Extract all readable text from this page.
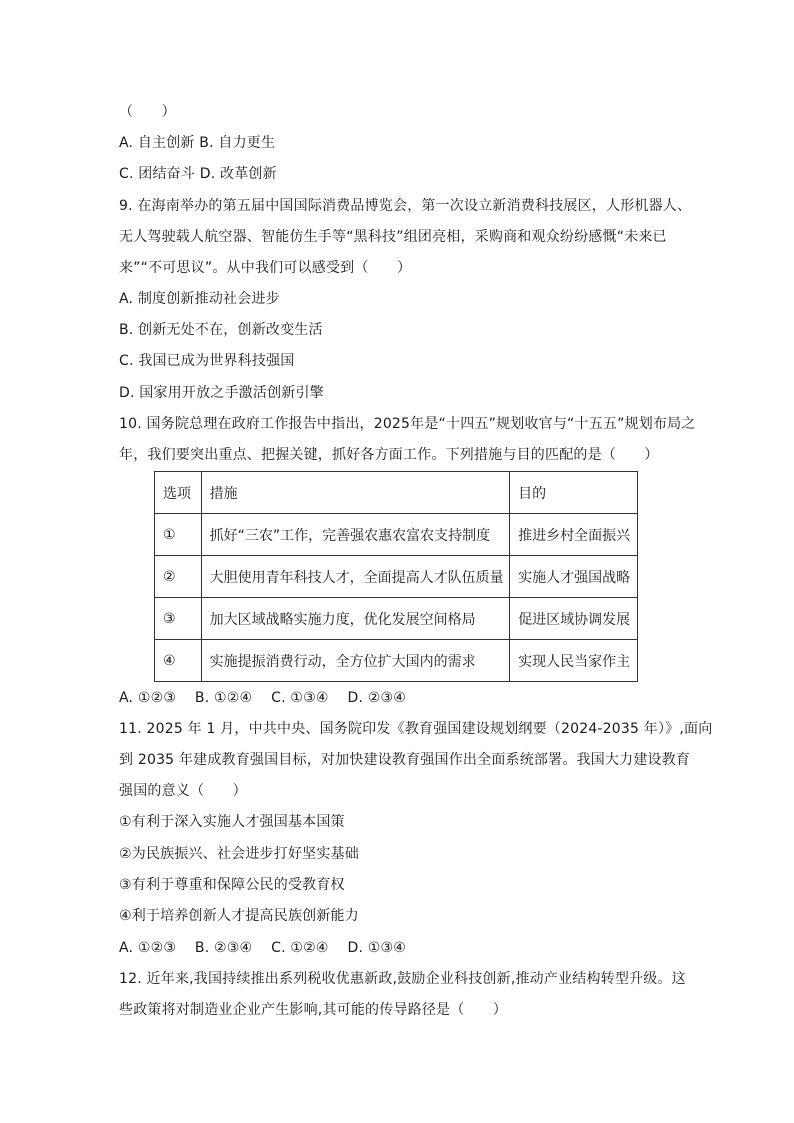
（　　）
A. 自主创新 B. 自力更生
C. 团结奋斗 D. 改革创新
9. 在海南举办的第五届中国国际消费品博览会，第一次设立新消费科技展区，人形机器人、
无人驾驶载人航空器、智能仿生手等“黑科技”组团亮相，采购商和观众纷纷感慨“未来已
来”“不可思议”。从中我们可以感受到（　　）
A. 制度创新推动社会进步
B. 创新无处不在，创新改变生活
C. 我国已成为世界科技强国
D. 国家用开放之手激活创新引擎
10. 国务院总理在政府工作报告中指出，2025年是“十四五”规划收官与“十五五”规划布局之
年，我们要突出重点、把握关键，抓好各方面工作。下列措施与目的匹配的是（　　）
选项	措施	目的
①	抓好“三农”工作，完善强农惠农富农支持制度	推进乡村全面振兴
②	大胆使用青年科技人才，全面提高人才队伍质量	实施人才强国战略
③	加大区域战略实施力度，优化发展空间格局	促进区域协调发展
④	实施提振消费行动，全方位扩大国内的需求	实现人民当家作主
A. ①②③　 B. ①②④　 C. ①③④　 D. ②③④
11. 2025 年 1 月，中共中央、国务院印发《教育强国建设规划纲要（2024-2035 年）》,面向
到 2035 年建成教育强国目标，对加快建设教育强国作出全面系统部署。我国大力建设教育
强国的意义（　　）
①有利于深入实施人才强国基本国策
②为民族振兴、社会进步打好坚实基础
③有利于尊重和保障公民的受教育权
④利于培养创新人才提高民族创新能力
A. ①②③　 B. ②③④　 C. ①②④　 D. ①③④
12. 近年来,我国持续推出系列税收优惠新政,鼓励企业科技创新,推动产业结构转型升级。这
些政策将对制造业企业产生影响,其可能的传导路径是（　　）
